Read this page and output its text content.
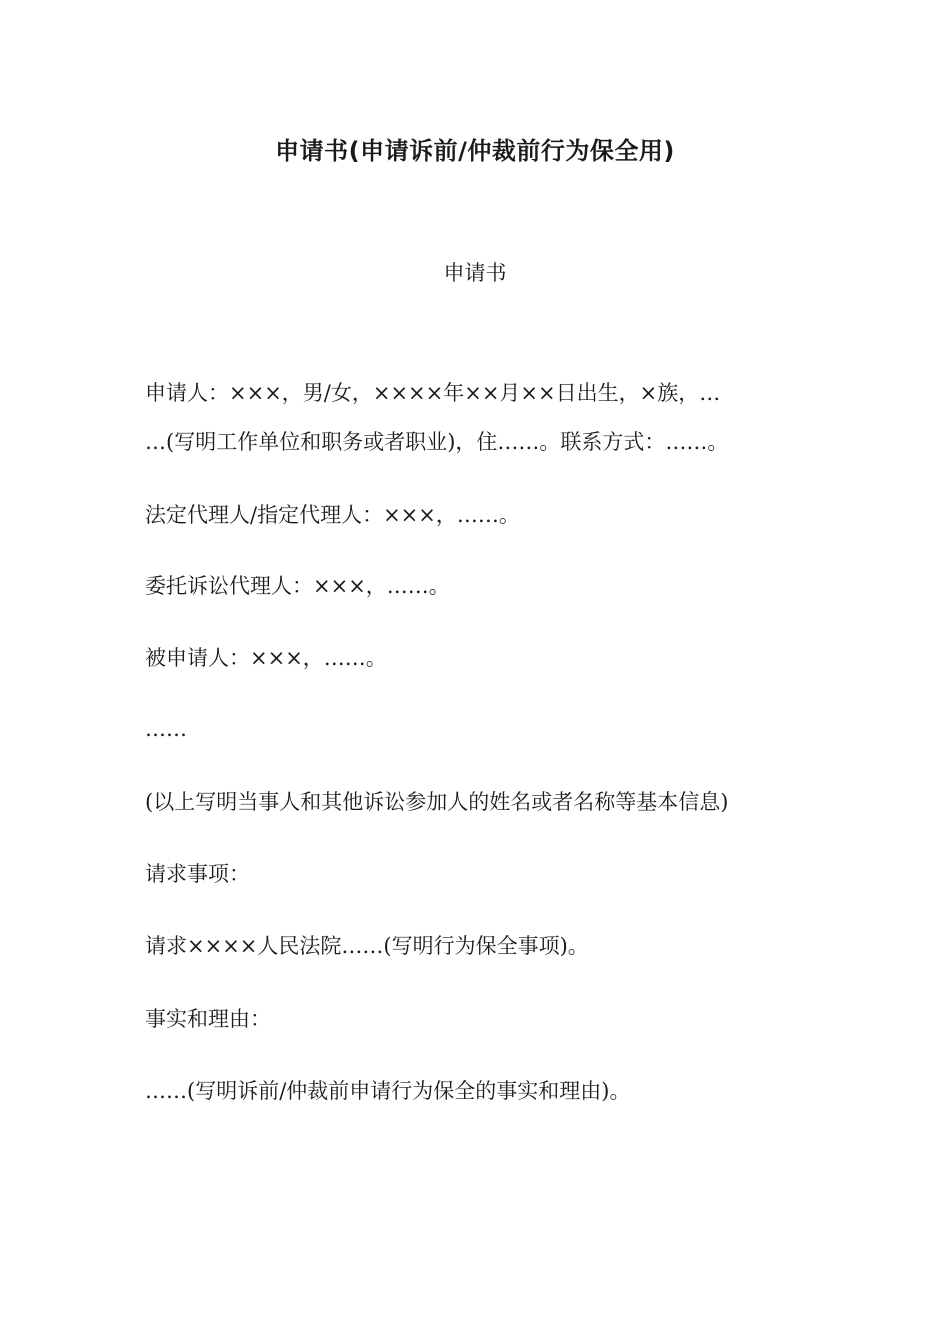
申请书(申请诉前/仲裁前行为保全用)
申请书
申请人：×××，男/女，××××年××月××日出生，×族，…
…(写明工作单位和职务或者职业)，住……。联系方式：……。
法定代理人/指定代理人：×××，……。
委托诉讼代理人：×××，……。
被申请人：×××，……。
……
(以上写明当事人和其他诉讼参加人的姓名或者名称等基本信息)
请求事项：
请求××××人民法院……(写明行为保全事项)。
事实和理由：
……(写明诉前/仲裁前申请行为保全的事实和理由)。
